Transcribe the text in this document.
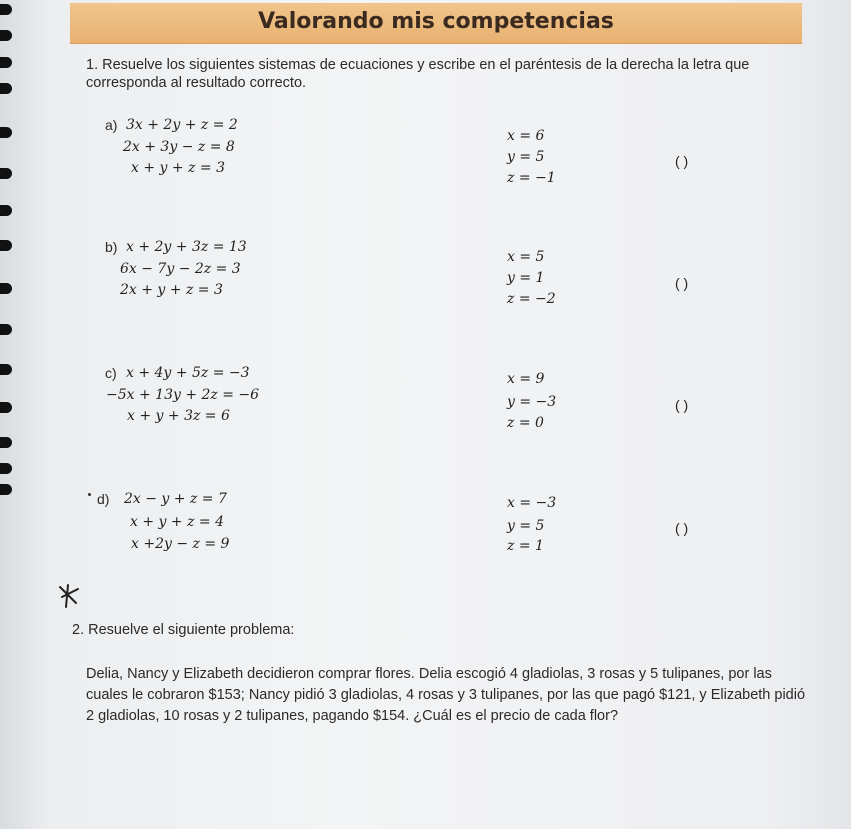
Valorando mis competencias
1. Resuelve los siguientes sistemas de ecuaciones y escribe en el paréntesis de la derecha la letra que corresponda al resultado correcto.
a) 3x + 2y + z = 2
2x + 3y − z = 8
x + y + z = 3
x = 6
y = 5
z = −1
( )
b) x + 2y + 3z = 13
6x − 7y − 2z = 3
2x + y + z = 3
x = 5
y = 1
z = −2
( )
c) x + 4y + 5z = −3
−5x + 13y + 2z = −6
x + y + 3z = 6
x = 9
y = −3
z = 0
( )
d) 2x − y + z = 7
x + y + z = 4
x +2y − z = 9
x = −3
y = 5
z = 1
( )
2. Resuelve el siguiente problema:
Delia, Nancy y Elizabeth decidieron comprar flores. Delia escogió 4 gladiolas, 3 rosas y 5 tulipanes, por las cuales le cobraron $153; Nancy pidió 3 gladiolas, 4 rosas y 3 tulipanes, por las que pagó $121, y Elizabeth pidió 2 gladiolas, 10 rosas y 2 tulipanes, pagando $154. ¿Cuál es el precio de cada flor?
